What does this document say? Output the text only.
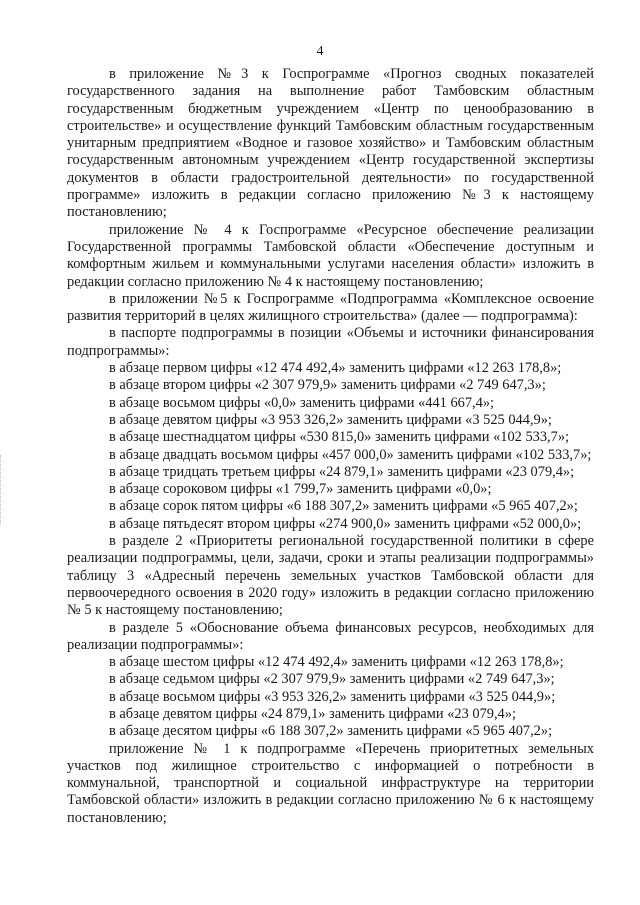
4

в приложение №3 к Госпрограмме «Прогноз сводных показателей государственного задания на выполнение работ Тамбовским областным государственным бюджетным учреждением «Центр по ценообразованию в строительстве» и осуществление функций Тамбовским областным государственным унитарным предприятием «Водное и газовое хозяйство» и Тамбовским областным государственным автономным учреждением «Центр государственной экспертизы документов в области градостроительной деятельности» по государственной программе» изложить в редакции согласно приложению №3 к настоящему постановлению;

приложение № 4 к Госпрограмме «Ресурсное обеспечение реализации Государственной программы Тамбовской области «Обеспечение доступным и комфортным жильем и коммунальными услугами населения области» изложить в редакции согласно приложению № 4 к настоящему постановлению;

в приложении №5 к Госпрограмме «Подпрограмма «Комплексное освоение развития территорий в целях жилищного строительства» (далее — подпрограмма):

в паспорте подпрограммы в позиции «Объемы и источники финансирования подпрограммы»:

в абзаце первом цифры «12 474 492,4» заменить цифрами «12 263 178,8»;

в абзаце втором цифры «2 307 979,9» заменить цифрами «2 749 647,3»;

в абзаце восьмом цифры «0,0» заменить цифрами «441 667,4»;

в абзаце девятом цифры «3 953 326,2» заменить цифрами «3 525 044,9»;

в абзаце шестнадцатом цифры «530 815,0» заменить цифрами «102 533,7»;

в абзаце двадцать восьмом цифры «457 000,0» заменить цифрами «102 533,7»;

в абзаце тридцать третьем цифры «24 879,1» заменить цифрами «23 079,4»;

в абзаце сороковом цифры «1 799,7» заменить цифрами «0,0»;

в абзаце сорок пятом цифры «6 188 307,2» заменить цифрами «5 965 407,2»;

в абзаце пятьдесят втором цифры «274 900,0» заменить цифрами «52 000,0»;

в разделе 2 «Приоритеты региональной государственной политики в сфере реализации подпрограммы, цели, задачи, сроки и этапы реализации подпрограммы» таблицу 3 «Адресный перечень земельных участков Тамбовской области для первоочередного освоения в 2020 году» изложить в редакции согласно приложению № 5 к настоящему постановлению;

в разделе 5 «Обоснование объема финансовых ресурсов, необходимых для реализации подпрограммы»:

в абзаце шестом цифры «12 474 492,4» заменить цифрами «12 263 178,8»;

в абзаце седьмом цифры «2 307 979,9» заменить цифрами «2 749 647,3»;

в абзаце восьмом цифры «3 953 326,2» заменить цифрами «3 525 044,9»;

в абзаце девятом цифры «24 879,1» заменить цифрами «23 079,4»;

в абзаце десятом цифры «6 188 307,2» заменить цифрами «5 965 407,2»;

приложение № 1 к подпрограмме «Перечень приоритетных земельных участков под жилищное строительство с информацией о потребности в коммунальной, транспортной и социальной инфраструктуре на территории Тамбовской области» изложить в редакции согласно приложению № 6 к настоящему постановлению;
